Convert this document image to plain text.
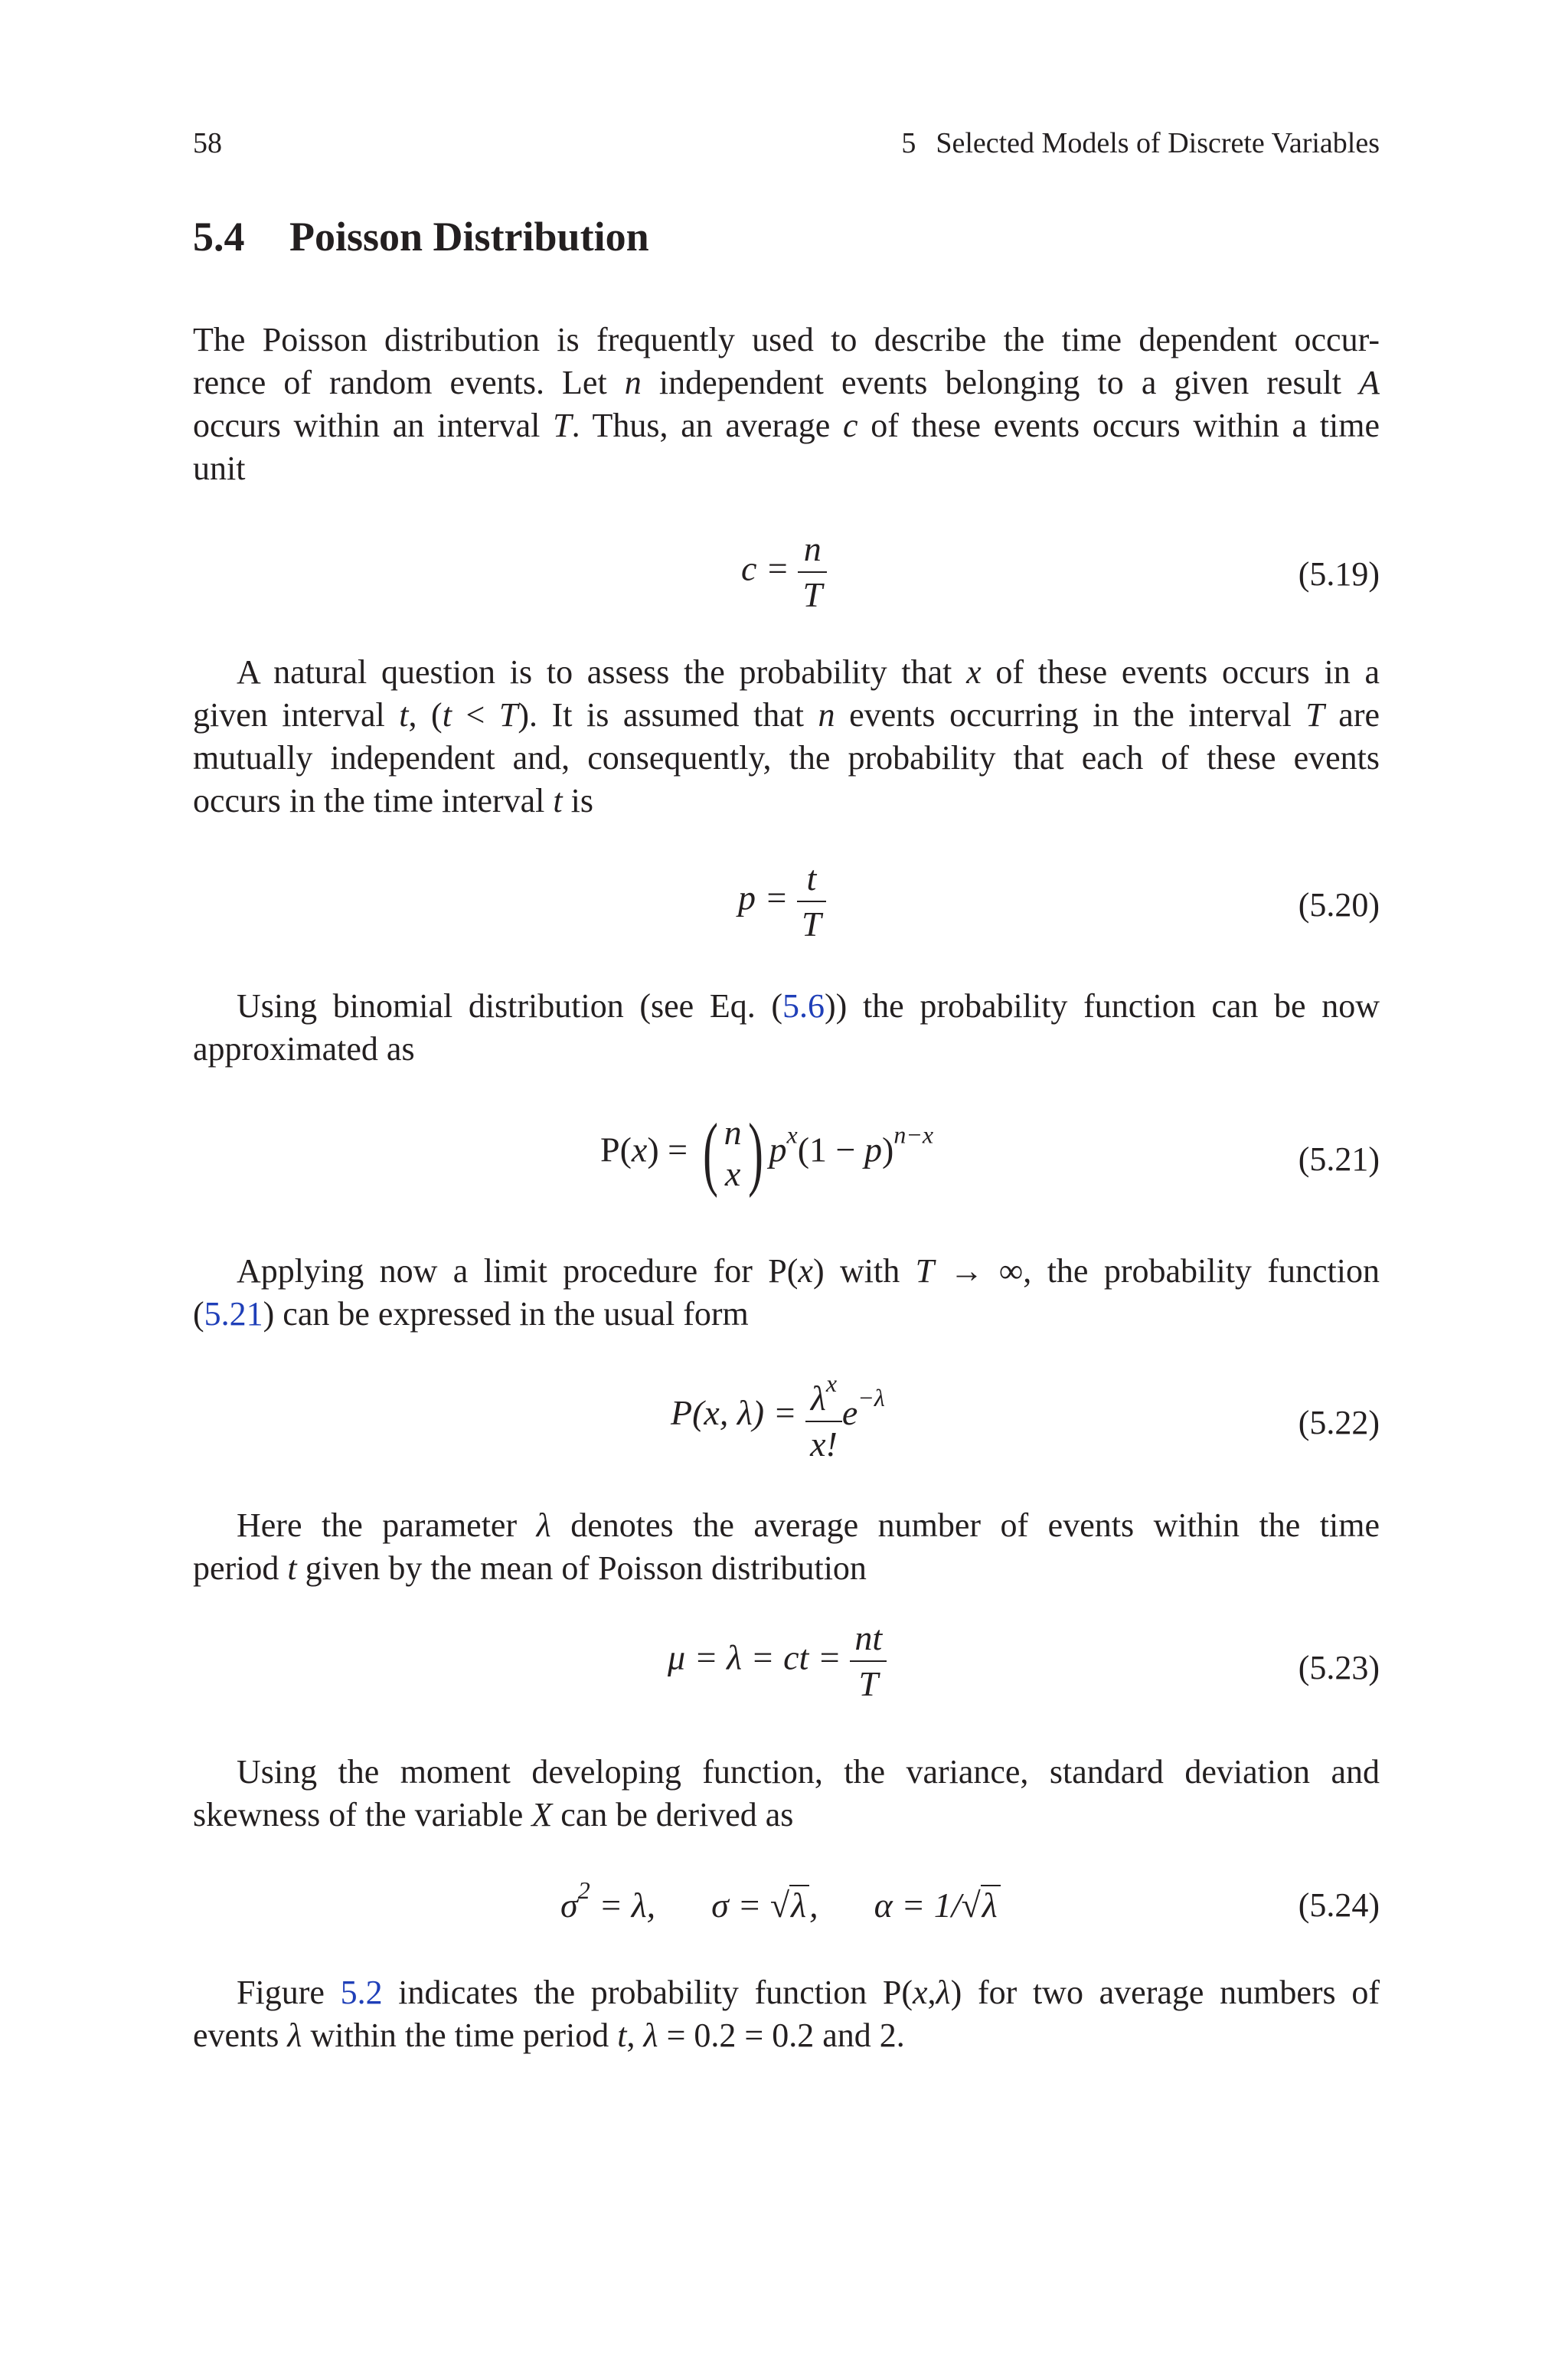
58	5 Selected Models of Discrete Variables
5.4 Poisson Distribution
The Poisson distribution is frequently used to describe the time dependent occur-
rence of random events. Let n independent events belonging to a given result A
occurs within an interval T. Thus, an average c of these events occurs within a time
unit
$c = \frac{n}{T}$	(5.19)
A natural question is to assess the probability that x of these events occurs in a
given interval t, (t < T). It is assumed that n events occurring in the interval T are
mutually independent and, consequently, the probability that each of these events
occurs in the time interval t is
$p = \frac{t}{T}$	(5.20)
Using binomial distribution (see Eq. (5.6)) the probability function can be now
approximated as
P(x) = ( n
x ) $p^x(1 - p)^{n-x}$
(5.21)
Applying now a limit procedure for P(x) with T → ∞, the probability function
(5.21) can be expressed in the usual form
P(x, $\lambda) = \frac{\lambda^x}{x!} e^{-\lambda}$
(5.22)
Here the parameter λ denotes the average number of events within the time
period t given by the mean of Poisson distribution
μ = λ = ct = $\frac{nt}{T}$	(5.23)
Using the moment developing function, the variance, standard deviation and
skewness of the variable X can be derived as
$\sigma^2 = \lambda$, σ = √λ, α = 1/√λ	(5.24)
Figure 5.2 indicates the probability function P(x,λ) for two average numbers of
events λ within the time period t, λ = 0.2 = 0.2 and 2.
